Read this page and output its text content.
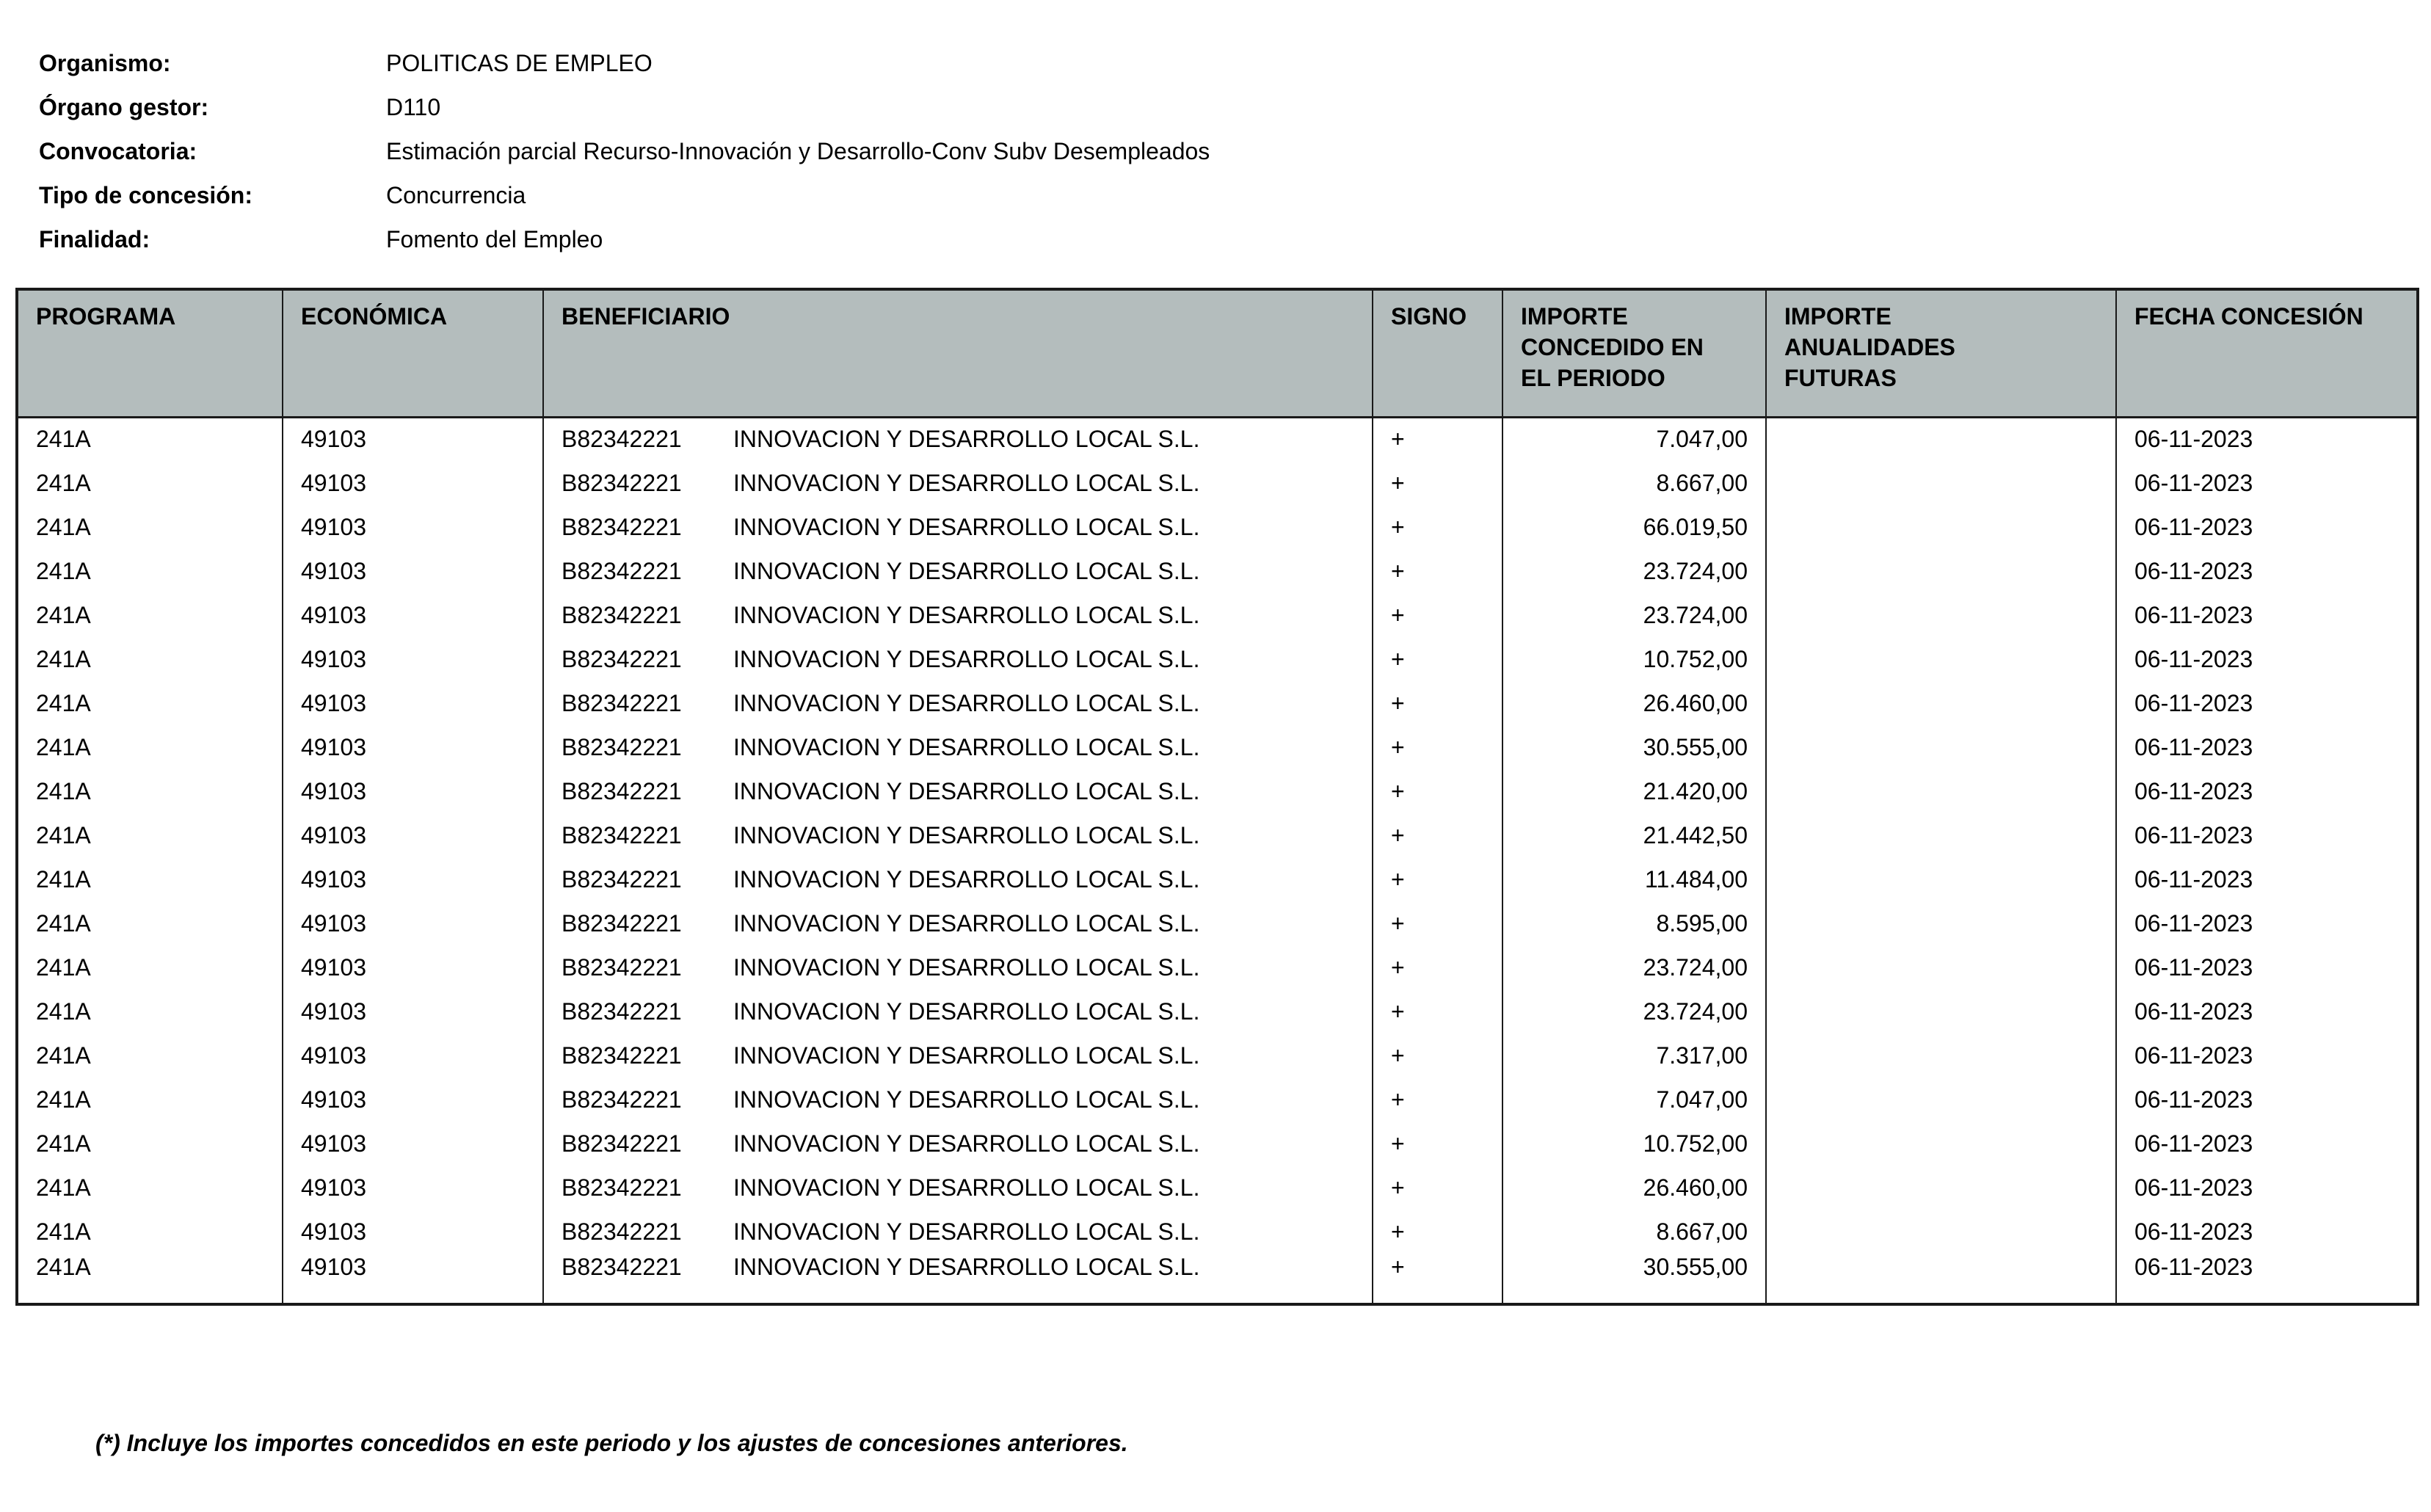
Organismo:	POLITICAS DE EMPLEO
Órgano gestor:	D110
Convocatoria:	Estimación parcial Recurso-Innovación y Desarrollo-Conv Subv Desempleados
Tipo de concesión:	Concurrencia
Finalidad:	Fomento del Empleo
PROGRAMA	ECONÓMICA	BENEFICIARIO	SIGNO	IMPORTE CONCEDIDO EN EL PERIODO	IMPORTE ANUALIDADES FUTURAS	FECHA CONCESIÓN

241A	49103	B82342221 INNOVACION Y DESARROLLO LOCAL S.L.	+	7.047,00		06-11-2023
241A	49103	B82342221 INNOVACION Y DESARROLLO LOCAL S.L.	+	8.667,00		06-11-2023
241A	49103	B82342221 INNOVACION Y DESARROLLO LOCAL S.L.	+	66.019,50		06-11-2023
241A	49103	B82342221 INNOVACION Y DESARROLLO LOCAL S.L.	+	23.724,00		06-11-2023
241A	49103	B82342221 INNOVACION Y DESARROLLO LOCAL S.L.	+	23.724,00		06-11-2023
241A	49103	B82342221 INNOVACION Y DESARROLLO LOCAL S.L.	+	10.752,00		06-11-2023
241A	49103	B82342221 INNOVACION Y DESARROLLO LOCAL S.L.	+	26.460,00		06-11-2023
241A	49103	B82342221 INNOVACION Y DESARROLLO LOCAL S.L.	+	30.555,00		06-11-2023
241A	49103	B82342221 INNOVACION Y DESARROLLO LOCAL S.L.	+	21.420,00		06-11-2023
241A	49103	B82342221 INNOVACION Y DESARROLLO LOCAL S.L.	+	21.442,50		06-11-2023
241A	49103	B82342221 INNOVACION Y DESARROLLO LOCAL S.L.	+	11.484,00		06-11-2023
241A	49103	B82342221 INNOVACION Y DESARROLLO LOCAL S.L.	+	8.595,00		06-11-2023
241A	49103	B82342221 INNOVACION Y DESARROLLO LOCAL S.L.	+	23.724,00		06-11-2023
241A	49103	B82342221 INNOVACION Y DESARROLLO LOCAL S.L.	+	23.724,00		06-11-2023
241A	49103	B82342221 INNOVACION Y DESARROLLO LOCAL S.L.	+	7.317,00		06-11-2023
241A	49103	B82342221 INNOVACION Y DESARROLLO LOCAL S.L.	+	7.047,00		06-11-2023
241A	49103	B82342221 INNOVACION Y DESARROLLO LOCAL S.L.	+	10.752,00		06-11-2023
241A	49103	B82342221 INNOVACION Y DESARROLLO LOCAL S.L.	+	26.460,00		06-11-2023
241A	49103	B82342221 INNOVACION Y DESARROLLO LOCAL S.L.	+	8.667,00		06-11-2023
241A	49103	B82342221 INNOVACION Y DESARROLLO LOCAL S.L.	+	30.555,00		06-11-2023
(*) Incluye los importes concedidos en este periodo y los ajustes de concesiones anteriores.
